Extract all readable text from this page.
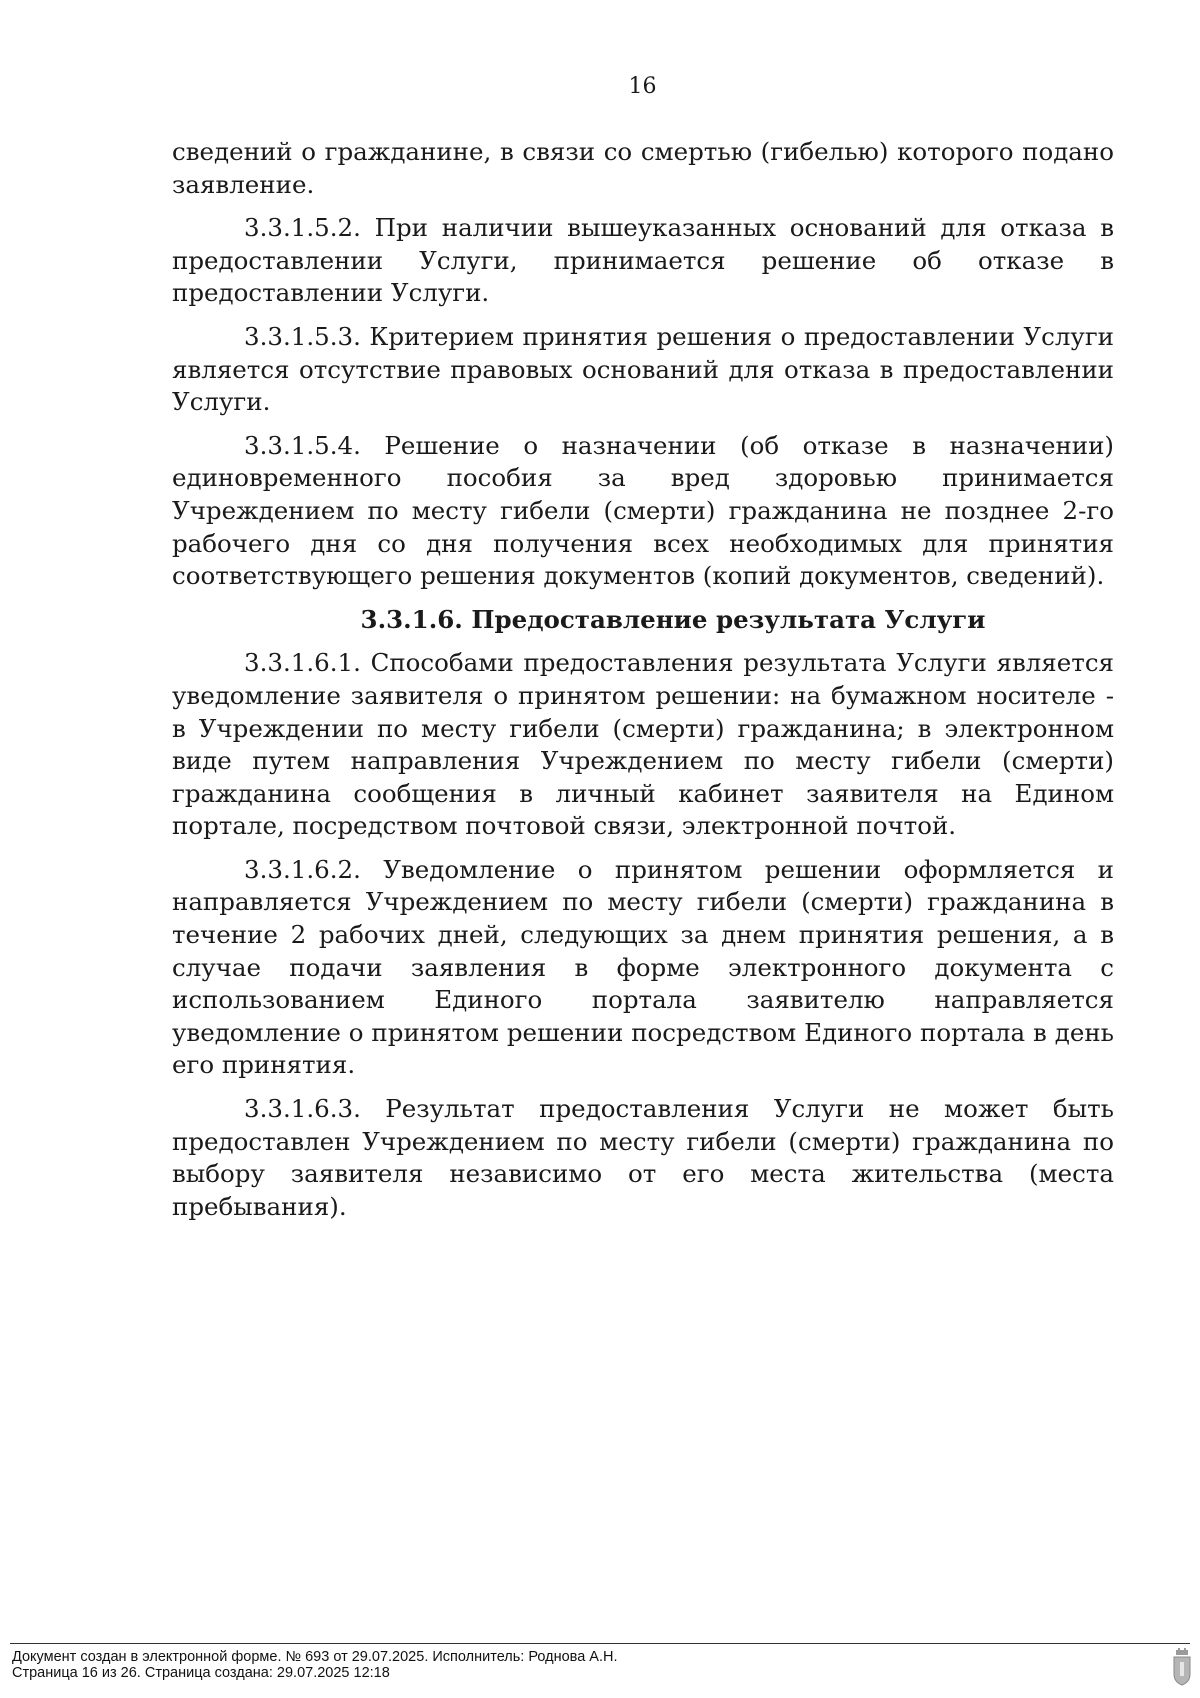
16

сведений о гражданине, в связи со смертью (гибелью) которого подано заявление.

3.3.1.5.2. При наличии вышеуказанных оснований для отказа в предоставлении Услуги, принимается решение об отказе в предоставлении Услуги.

3.3.1.5.3. Критерием принятия решения о предоставлении Услуги является отсутствие правовых оснований для отказа в предоставлении Услуги.

3.3.1.5.4. Решение о назначении (об отказе в назначении) единовременного пособия за вред здоровью принимается Учреждением по месту гибели (смерти) гражданина не позднее 2-го рабочего дня со дня получения всех необходимых для принятия соответствующего решения документов (копий документов, сведений).

3.3.1.6. Предоставление результата Услуги

3.3.1.6.1. Способами предоставления результата Услуги является уведомление заявителя о принятом решении: на бумажном носителе - в Учреждении по месту гибели (смерти) гражданина; в электронном виде путем направления Учреждением по месту гибели (смерти) гражданина сообщения в личный кабинет заявителя на Едином портале, посредством почтовой связи, электронной почтой.

3.3.1.6.2. Уведомление о принятом решении оформляется и направляется Учреждением по месту гибели (смерти) гражданина в течение 2 рабочих дней, следующих за днем принятия решения, а в случае подачи заявления в форме электронного документа с использованием Единого портала заявителю направляется уведомление о принятом решении посредством Единого портала в день его принятия.

3.3.1.6.3. Результат предоставления Услуги не может быть предоставлен Учреждением по месту гибели (смерти) гражданина по выбору заявителя независимо от его места жительства (места пребывания).

Документ создан в электронной форме. № 693 от 29.07.2025. Исполнитель: Роднова А.Н.
Страница 16 из 26. Страница создана: 29.07.2025 12:18
